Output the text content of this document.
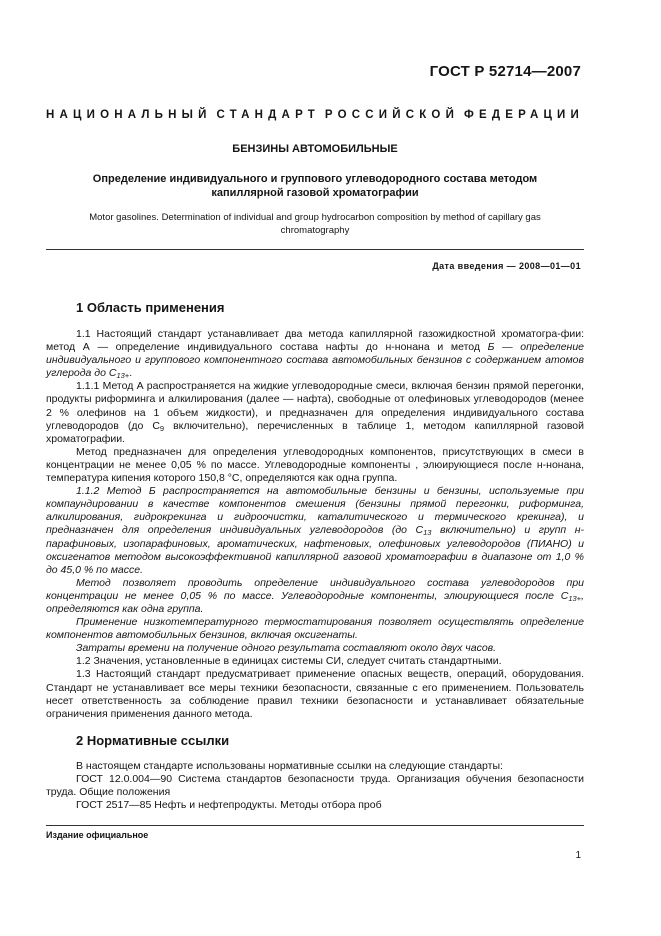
ГОСТ Р 52714—2007
НАЦИОНАЛЬНЫЙ СТАНДАРТ РОССИЙСКОЙ ФЕДЕРАЦИИ
БЕНЗИНЫ АВТОМОБИЛЬНЫЕ
Определение индивидуального и группового углеводородного состава методом капиллярной газовой хроматографии
Motor gasolines. Determination of individual and group hydrocarbon composition by method of capillary gas chromatography
Дата введения — 2008—01—01
1 Область применения

1.1 Настоящий стандарт устанавливает два метода капиллярной газожидкостной хроматогра-фии: метод А — определение индивидуального состава нафты до н-нонана и метод Б — определение индивидуального и группового компонентного состава автомобильных бензинов с содержанием атомов углерода до $С_{13+}$.

1.1.1 Метод А распространяется на жидкие углеводородные смеси, включая бензин прямой перегонки, продукты риформинга и алкилирования (далее — нафта), свободные от олефиновых углеводородов (менее 2 % олефинов на 1 объем жидкости), и предназначен для определения индивидуального состава углеводородов (до $С_9$ включительно), перечисленных в таблице 1, методом капиллярной газовой хроматографии.

Метод предназначен для определения углеводородных компонентов, присутствующих в смеси в концентрации не менее 0,05 % по массе. Углеводородные компоненты , элюирующиеся после н-нонана, температура кипения которого 150,8 °С, определяются как одна группа.

1.1.2 Метод Б распространяется на автомобильные бензины и бензины, используемые при компаундировании в качестве компонентов смешения (бензины прямой перегонки, риформинга, алкилирования, гидрокрекинга и гидроочистки, каталитического и термического крекинга), и предназначен для определения индивидуальных углеводородов (до $С_{13}$ включительно) и групп н-парафиновых, изопарафиновых, ароматических, нафтеновых, олефиновых углеводородов (ПИАНО) и оксигенатов методом высокоэффективной капиллярной газовой хроматографии в диапазоне от 1,0 % до 45,0 % по массе.

Метод позволяет проводить определение индивидуального состава углеводородов при концентрации не менее 0,05 % по массе. Углеводородные компоненты, элюирующиеся после $С_{13+}$, определяются как одна группа.

Применение низкотемпературного термостатирования позволяет осуществлять определение компонентов автомобильных бензинов, включая оксигенаты.

Затраты времени на получение одного результата составляют около двух часов.

1.2 Значения, установленные в единицах системы СИ, следует считать стандартными.

1.3 Настоящий стандарт предусматривает применение опасных веществ, операций, оборудования. Стандарт не устанавливает все меры техники безопасности, связанные с его применением. Пользователь несет ответственность за соблюдение правил техники безопасности и устанавливает обязательные ограничения применения данного метода.

2 Нормативные ссылки

В настоящем стандарте использованы нормативные ссылки на следующие стандарты:

ГОСТ 12.0.004—90 Система стандартов безопасности труда. Организация обучения безопасности труда. Общие положения

ГОСТ 2517—85 Нефть и нефтепродукты. Методы отбора проб

Издание официальное
1
